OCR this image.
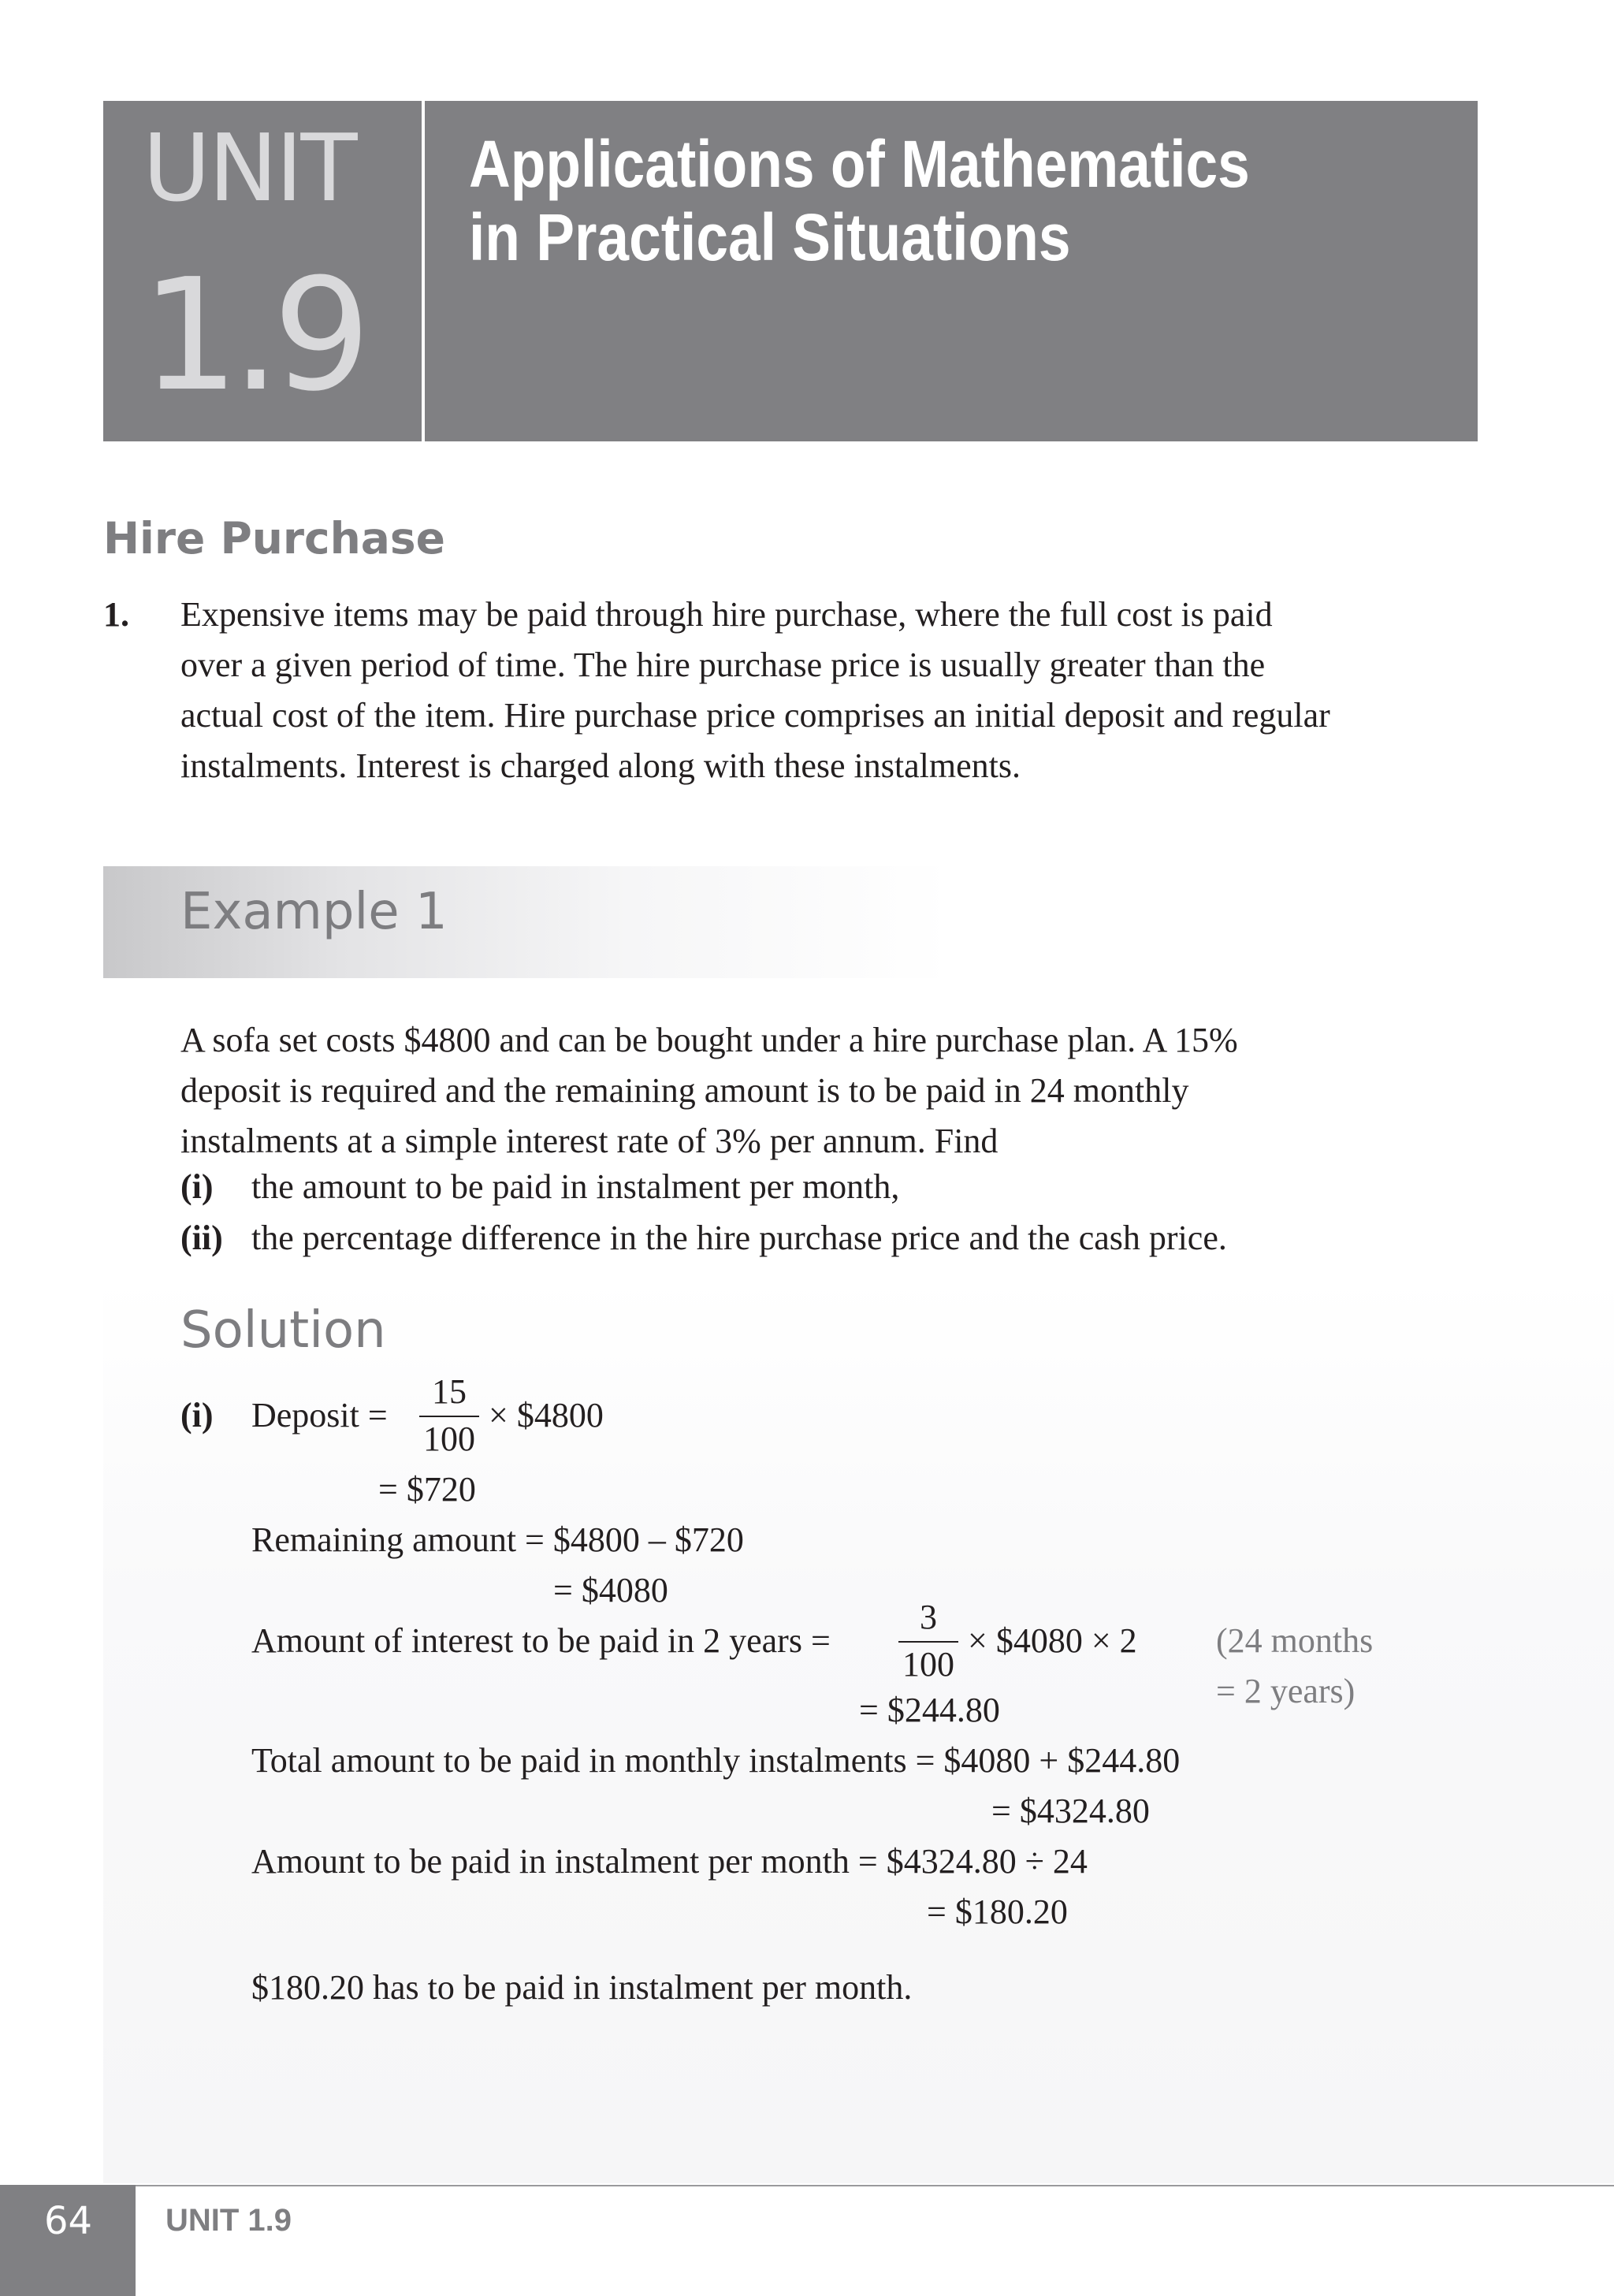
UNIT
1.9
Applications of Mathematics
in Practical Situations
Hire Purchase
1. Expensive items may be paid through hire purchase, where the full cost is paid
over a given period of time. The hire purchase price is usually greater than the
actual cost of the item. Hire purchase price comprises an initial deposit and regular
instalments. Interest is charged along with these instalments.
Example 1
A sofa set costs $4800 and can be bought under a hire purchase plan. A 15%
deposit is required and the remaining amount is to be paid in 24 monthly
instalments at a simple interest rate of 3% per annum. Find
(i) the amount to be paid in instalment per month,
(ii) the percentage difference in the hire purchase price and the cash price.
Solution
(i) Deposit =
15
100
× $4800
= $720
Remaining amount = $4800 – $720
= $4080
Amount of interest to be paid in 2 years =
3
100
× $4080 × 2 (24 months
= 2 years)
= $244.80
Total amount to be paid in monthly instalments = $4080 + $244.80
= $4324.80
Amount to be paid in instalment per month = $4324.80 ÷ 24
= $180.20
$180.20 has to be paid in instalment per month.
64 UNIT 1.9
